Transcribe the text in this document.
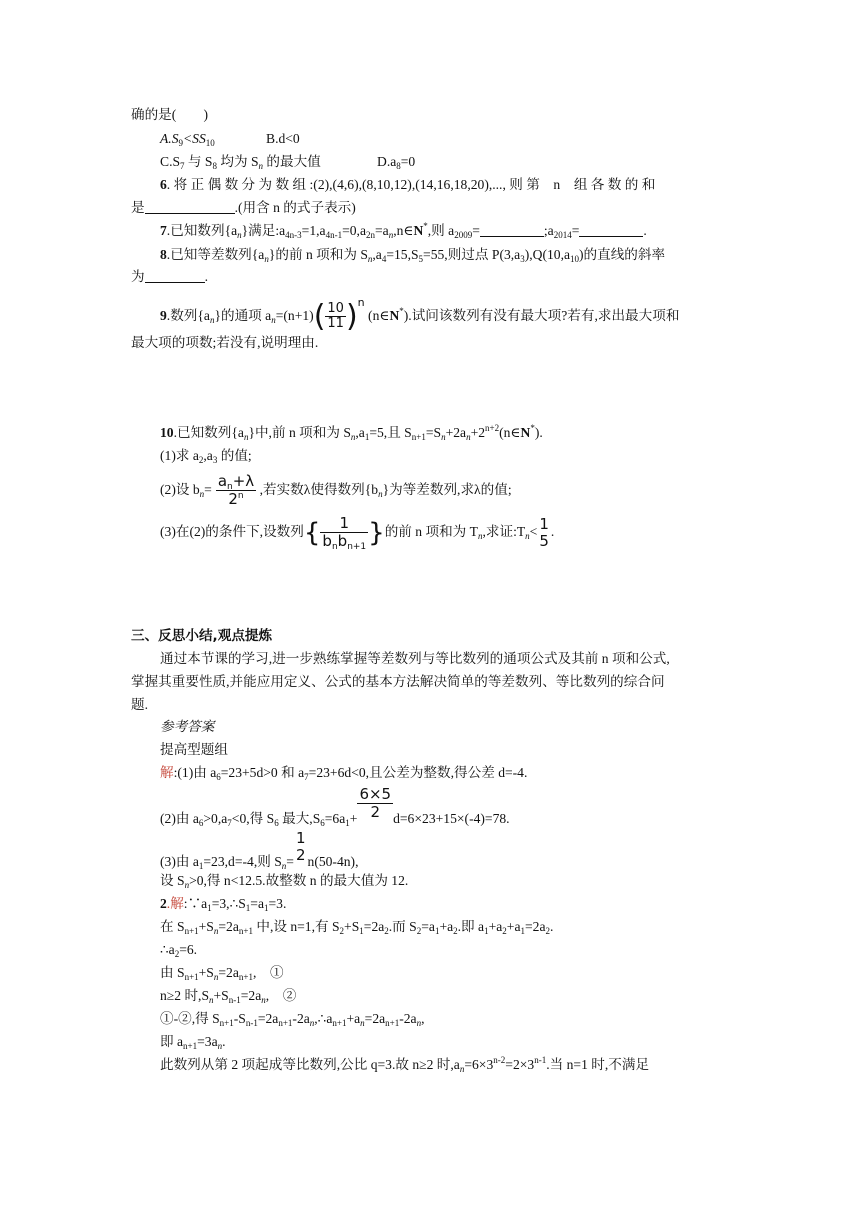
确的是(　　)
$A.S_9<SS_{10}$	B.d<0
$C.S_7$ 与 $S_8$ 均为 $S_n$ 的最大值	$D.a_8=0$
6. 将 正 偶 数 分 为 数 组 :(2),(4,6),(8,10,12),(14,16,18,20),..., 则 第　n　组 各 数 的 和
是	.(用含 n 的式子表示)
7.已知数列$\{a_n\}$满足$:a_{4n-3}=1,a_{4n-1}=0,a_{2n}=a_n,n\in N^*$,则 $a_{2009}=$	$;a_{2014}=$	.
8.已知等差数列$\{a_n\}$的前 n 项和为 $S_n,a_4=15,S_5=55$,则过点 $P(3,a_3),Q(10,a_{10})$的直线的斜率
为	.
9.数列$\{a_n\}$的通项 $a_n=(n+1)( \frac{10}{11} )^n$ (n∈N*).试问该数列有没有最大项?若有,求出最大项和
最大项的项数;若没有,说明理由.
10.已知数列$\{a_n\}$中,前 n 项和为 $S_n,a_1=5$,且 $S_{n+1}=S_n+2a_n+2^{n+2}(n\in N^*)$.
(1)求 $a_2,a_3$ 的值;
(2)设 $b_n= \frac{a_n+\lambda}{2^n}$ ,若实数λ使得数列$\{b_n\}$为等差数列,求λ的值;
(3)在(2)的条件下,设数列{ $\frac{1}{b_nb_{n+1}}$ }的前 n 项和为 $T_n$,求证$:T_n< 1$
5
.
三、反思小结,观点提炼
通过本节课的学习,进一步熟练掌握等差数列与等比数列的通项公式及其前 n 项和公式,
掌握其重要性质,并能应用定义、公式的基本方法解决简单的等差数列、等比数列的综合问
题.
参考答案
提高型题组
解:(1)由 $a_6=23+5d>0$ 和 $a_7=23+6d<0$,且公差为整数,得公差 d=-4.
(2)由 $a_6>0,a_7<0$,得 $S_6$ 最大$,S_6=6a_1+ \frac{6\times 5}{2} d=6\times 23+15\times(-4)=78$.
(3)由 $a_1=23,d=-4$,则 $S_n=$
1
2 n(50-4n),
设 $S_n>0$,得 n<12.5.故整数 n 的最大值为 12.
2.解$:\because a_1=3,\therefore S_1=a_1=3$.
在 $S_{n+1}+S_n=2a_{n+1}$ 中,设 n=1,有 $S_2+S_1=2a_2$.而 $S_2=a_1+a_2$.即 $a_1+a_2+a_1=2a_2$.
$\therefore a_2=6$.
由 $S_{n+1}+S_n=2a_{n+1}$,　①
n≥2 时$,S_n+S_{n-1}=2a_n$,　②
①-②,得 $S_{n+1}-S_{n-1}=2a_{n+1}-2a_n,\therefore a_{n+1}+a_n=2a_{n+1}-2a_n$,
即 $a_{n+1}=3a_n$.
此数列从第 2 项起成等比数列,公比 q=3.故 n≥2 时$,a_n=6\times 3^{n-2}=2\times 3^{n-1}$.当 n=1 时,不满足
